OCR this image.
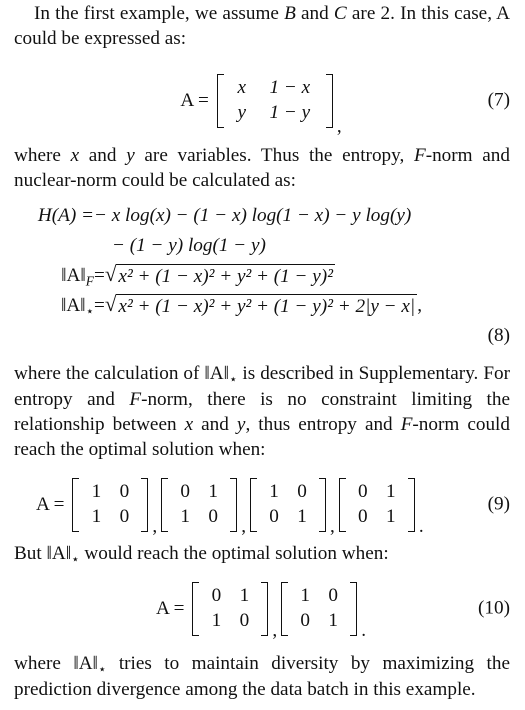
In the first example, we assume B and C are 2. In this case, A could be expressed as:

A =
x	1 − x
y	1 − y
,
(7)

where x and y are variables. Thus the entropy, F-norm and nuclear-norm could be calculated as:

H(A) = − x log(x) − (1 − x) log(1 − x) − y log(y)
− (1 − y) log(1 − y)
$‖A‖_F$ = √ x² + (1 − x)² + y² + (1 − y)²
$‖A‖_⋆$ = √ x² + (1 − x)² + y² + (1 − y)² + 2|y − x| ,
(8)

where the calculation of $‖A‖_⋆$ is described in Supplementary. For entropy and F-norm, there is no constraint limiting the relationship between x and y, thus entropy and F-norm could reach the optimal solution when:

A =
1 0
1 0	,
0 1
1 0	,
1 0
0 1	,
0 1
0 1	.
(9)

But $‖A‖_⋆$ would reach the optimal solution when:

A =
0 1
1 0	,
1 0
0 1	.
(10)

where $‖A‖_⋆$ tries to maintain diversity by maximizing the prediction divergence among the data batch in this example.
